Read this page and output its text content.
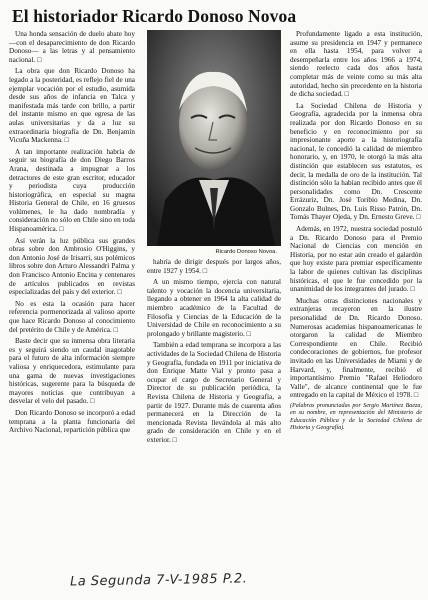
El historiador Ricardo Donoso Novoa

Una honda sensación de duelo abate hoy —con el desaparecimiento de don Ricardo Donoso— a las letras y al pensamiento nacional. □

La obra que don Ricardo Donoso ha legado a la posteridad, es reflejo fiel de una ejemplar vocación por el estudio, asumida desde sus años de infancia en Talca y manifestada más tarde con brillo, a partir del instante mismo en que egresa de las aulas universitarias y da a luz su extraordinaria biografía de Dn. Benjamín Vicuña Mackenna. □

A tan importante realización habría de seguir su biografía de don Diego Barros Arana, destinada a impugnar a los detractores de este gran escritor, educador y periodista cuya producción historiográfica, en especial su magna Historia General de Chile, en 16 gruesos volúmenes, le ha dado nombradía y consideración no sólo en Chile sino en toda Hispanoamérica. □

Así verán la luz pública sus grandes obras sobre don Ambrosio O'Higgins, y don Antonio José de Irisarri, sus polémicos libros sobre don Arturo Alessandri Palma y don Francisco Antonio Encina y centenares de artículos publicados en revistas especializadas del país y del exterior. □

No es esta la ocasión para hacer referencia pormenorizada al valioso aporte que hace Ricardo Donoso al conocimiento del pretérito de Chile y de América. □

Baste decir que su inmensa obra literaria es y seguirá siendo un caudal inagotable para el futuro de alta información siempre valiosa y enriquecedora, estimulante para una gama de nuevas investigaciones históricas, sugerente para la búsqueda de mayores noticias que contribuyan a desvelar el velo del pasado. □

Don Ricardo Donoso se incorporó a edad temprana a la planta funcionaria del Archivo Nacional, repartición pública que

Ricardo Donoso Novoa.

habría de dirigir después por largos años, entre 1927 y 1954. □

A un mismo tiempo, ejercía con natural talento y vocación la docencia universitaria, llegando a obtener en 1964 la alta calidad de miembro académico de la Facultad de Filosofía y Ciencias de la Educación de la Universidad de Chile en reconocimiento a su prolongado y brillante magisterio. □

También a edad temprana se incorpora a las actividades de la Sociedad Chilena de Historia y Geografía, fundada en 1911 por iniciativa de don Enrique Matte Vial y pronto pasa a ocupar el cargo de Secretario General y Director de su publicación periódica, la Revista Chilena de Historia y Geografía, a partir de 1927. Durante más de cuarenta años permanecerá en la Dirección de la mencionada Revista llevándola al más alto grado de consideración en Chile y en el exterior. □

Profundamente ligado a esta institución, asume su presidencia en 1947 y permanece en ella hasta 1954, para volver a desempeñarla entre los años 1966 a 1974, siendo reelecto cada dos años hasta completar más de veinte como su más alta autoridad, hecho sin precedente en la historia de dicha sociedad. □

La Sociedad Chilena de Historia y Geografía, agradecida por la inmensa obra realizada por don Ricardo Donoso en su beneficio y en reconocimiento por su impresionante aporte a la historiografía nacional, le concedió la calidad de miembro honorario, y, en 1970, le otorgó la más alta distinción que establecen sus estatutos, es decir, la medalla de oro de la institución. Tal distinción sólo la habían recibido antes que él personalidades como Dn. Crescente Errázuriz, Dn. José Toribio Medina, Dn. Gonzalo Bulnes, Dn. Luis Risso Patrón, Dn. Tomás Thayer Ojeda, y Dn. Ernesto Greve. □

Además, en 1972, nuestra sociedad postuló a Dn. Ricardo Donoso para el Premio Nacional de Ciencias con mención en Historia, por no estar aún creado el galardón que hoy existe para premiar específicamente la labor de quienes cultivan las disciplinas históricas, el que le fue concedido por la unanimidad de los integrantes del jurado. □

Muchas otras distinciones nacionales y extranjeras recayeron en la ilustre personalidad de Dn. Ricardo Donoso. Numerosas academias hispanoamericanas le otorgaron la calidad de Miembro Correspondiente en Chile. Recibió condecoraciones de gobiernos, fue profesor invitado en las Universidades de Miami y de Harvard, y, finalmente, recibió el importantísimo Premio "Rafael Heliodoro Valle", de alcance continental que le fue entregado en la capital de México el 1978. □

(Palabras pronunciadas por Sergio Martínez Baeza, en su nombre, en representación del Ministerio de Educación Pública y de la Sociedad Chilena de Historia y Geografía).

La Segunda 7-V-1985 P.2.
